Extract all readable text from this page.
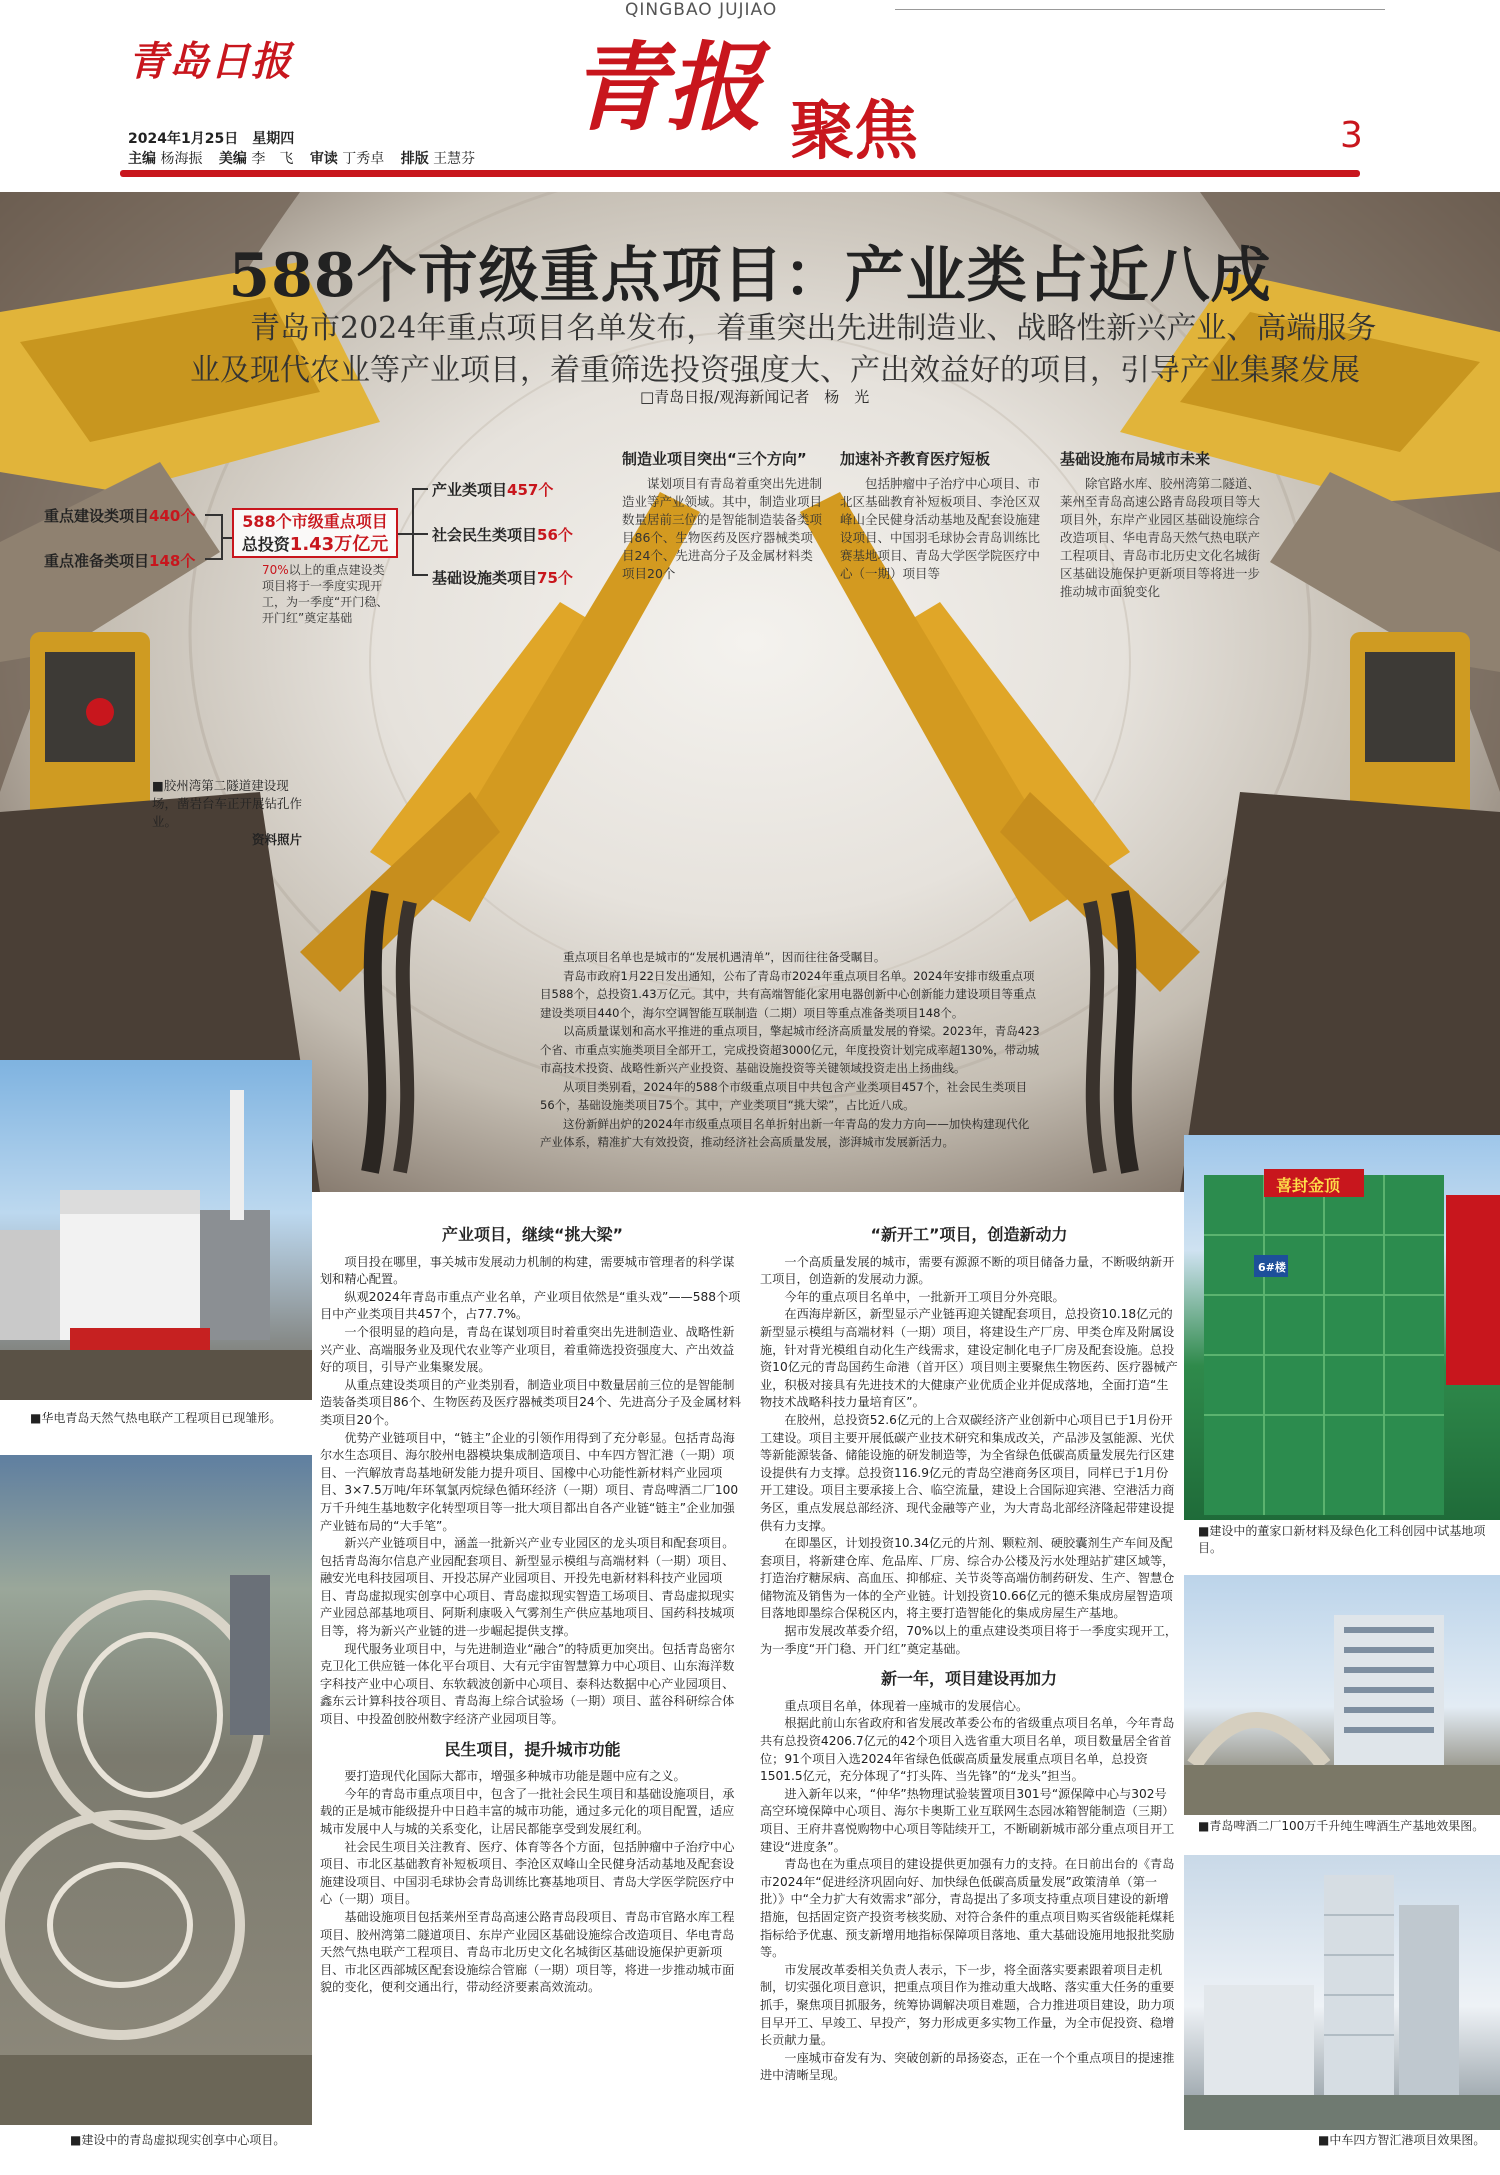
QINGBAO JUJIAO
青岛日报	青报 聚焦	3
2024年1月25日　星期四
主编 杨海振 美编 李　飞 审读 丁秀卓 排版 王慧芬
588个市级重点项目：产业类占近八成

青岛市2024年重点项目名单发布，着重突出先进制造业、战略性新兴产业、高端服务业及现代农业等产业项目，着重筛选投资强度大、产出效益好的项目，引导产业集聚发展

□青岛日报/观海新闻记者　杨　光
重点建设类项目440个
重点准备类项目148个
588个市级重点项目
总投资1.43万亿元
70%以上的重点建设类项目将于一季度实现开工，为一季度“开门稳、开门红”奠定基础
产业类项目457个
社会民生类项目56个
基础设施类项目75个
制造业项目突出“三个方向”

谋划项目有青岛着重突出先进制造业等产业领域。其中，制造业项目数量居前三位的是智能制造装备类项目86个、生物医药及医疗器械类项目24个、先进高分子及金属材料类项目20个

加速补齐教育医疗短板

包括肿瘤中子治疗中心项目、市北区基础教育补短板项目、李沧区双峰山全民健身活动基地及配套设施建设项目、中国羽毛球协会青岛训练比赛基地项目、青岛大学医学院医疗中心（一期）项目等

基础设施布局城市未来

除官路水库、胶州湾第二隧道、莱州至青岛高速公路青岛段项目等大项目外，东岸产业园区基础设施综合改造项目、华电青岛天然气热电联产工程项目、青岛市北历史文化名城街区基础设施保护更新项目等将进一步推动城市面貌变化

■胶州湾第二隧道建设现场，凿岩台车正开展钻孔作业。
资料照片

重点项目名单也是城市的“发展机遇清单”，因而往往备受瞩目。

青岛市政府1月22日发出通知，公布了青岛市2024年重点项目名单。2024年安排市级重点项目588个，总投资1.43万亿元。其中，共有高端智能化家用电器创新中心创新能力建设项目等重点建设类项目440个，海尔空调智能互联制造（二期）项目等重点准备类项目148个。

以高质量谋划和高水平推进的重点项目，擎起城市经济高质量发展的脊梁。2023年，青岛423个省、市重点实施类项目全部开工，完成投资超3000亿元，年度投资计划完成率超130%，带动城市高技术投资、战略性新兴产业投资、基础设施投资等关键领域投资走出上扬曲线。

从项目类别看，2024年的588个市级重点项目中共包含产业类项目457个，社会民生类项目56个，基础设施类项目75个。其中，产业类项目“挑大梁”，占比近八成。

这份新鲜出炉的2024年市级重点项目名单折射出新一年青岛的发力方向——加快构建现代化产业体系，精准扩大有效投资，推动经济社会高质量发展，澎湃城市发展新活力。

■华电青岛天然气热电联产工程项目已现雏形。
■建设中的青岛虚拟现实创享中心项目。
喜封金顶
6#楼
■建设中的董家口新材料及绿色化工科创园中试基地项目。
■青岛啤酒二厂100万千升纯生啤酒生产基地效果图。
■中车四方智汇港项目效果图。
产业项目，继续“挑大梁”

项目投在哪里，事关城市发展动力机制的构建，需要城市管理者的科学谋划和精心配置。

纵观2024年青岛市重点产业名单，产业项目依然是“重头戏”——588个项目中产业类项目共457个，占77.7%。

一个很明显的趋向是，青岛在谋划项目时着重突出先进制造业、战略性新兴产业、高端服务业及现代农业等产业项目，着重筛选投资强度大、产出效益好的项目，引导产业集聚发展。

从重点建设类项目的产业类别看，制造业项目中数量居前三位的是智能制造装备类项目86个、生物医药及医疗器械类项目24个、先进高分子及金属材料类项目20个。

优势产业链项目中，“链主”企业的引领作用得到了充分彰显。包括青岛海尔水生态项目、海尔胶州电器模块集成制造项目、中车四方智汇港（一期）项目、一汽解放青岛基地研发能力提升项目、国橡中心功能性新材料产业园项目、3×7.5万吨/年环氧氯丙烷绿色循环经济（一期）项目、青岛啤酒二厂100万千升纯生基地数字化转型项目等一批大项目都出自各产业链“链主”企业加强产业链布局的“大手笔”。

新兴产业链项目中，涵盖一批新兴产业专业园区的龙头项目和配套项目。包括青岛海尔信息产业园配套项目、新型显示模组与高端材料（一期）项目、融安光电科技园项目、开投芯屏产业园项目、开投先电新材料科技产业园项目、青岛虚拟现实创享中心项目、青岛虚拟现实智造工场项目、青岛虚拟现实产业园总部基地项目、阿斯利康吸入气雾剂生产供应基地项目、国药科技城项目等，将为新兴产业链的进一步崛起提供支撑。

现代服务业项目中，与先进制造业“融合”的特质更加突出。包括青岛密尔克卫化工供应链一体化平台项目、大有元宇宙智慧算力中心项目、山东海洋数字科技产业中心项目、东软载波创新中心项目、泰科达数据中心产业园项目、鑫东云计算科技谷项目、青岛海上综合试验场（一期）项目、蓝谷科研综合体项目、中投盈创胶州数字经济产业园项目等。

民生项目，提升城市功能

要打造现代化国际大都市，增强多种城市功能是题中应有之义。

今年的青岛市重点项目中，包含了一批社会民生项目和基础设施项目，承载的正是城市能级提升中日趋丰富的城市功能，通过多元化的项目配置，适应城市发展中人与城的关系变化，让居民都能享受到发展红利。

社会民生项目关注教育、医疗、体育等各个方面，包括肿瘤中子治疗中心项目、市北区基础教育补短板项目、李沧区双峰山全民健身活动基地及配套设施建设项目、中国羽毛球协会青岛训练比赛基地项目、青岛大学医学院医疗中心（一期）项目。

基础设施项目包括莱州至青岛高速公路青岛段项目、青岛市官路水库工程项目、胶州湾第二隧道项目、东岸产业园区基础设施综合改造项目、华电青岛天然气热电联产工程项目、青岛市北历史文化名城街区基础设施保护更新项目、市北区西部城区配套设施综合管廊（一期）项目等，将进一步推动城市面貌的变化，便利交通出行，带动经济要素高效流动。

“新开工”项目，创造新动力

一个高质量发展的城市，需要有源源不断的项目储备力量，不断吸纳新开工项目，创造新的发展动力源。

今年的重点项目名单中，一批新开工项目分外亮眼。

在西海岸新区，新型显示产业链再迎关键配套项目，总投资10.18亿元的新型显示模组与高端材料（一期）项目，将建设生产厂房、甲类仓库及附属设施，针对背光模组自动化生产线需求，建设定制化电子厂房及配套设施。总投资10亿元的青岛国药生命港（首开区）项目则主要聚焦生物医药、医疗器械产业，积极对接具有先进技术的大健康产业优质企业并促成落地，全面打造“生物技术战略科技力量培育区”。

在胶州，总投资52.6亿元的上合双碳经济产业创新中心项目已于1月份开工建设。项目主要开展低碳产业技术研究和集成改关，产品涉及氢能源、光伏等新能源装备、储能设施的研发制造等，为全省绿色低碳高质量发展先行区建设提供有力支撑。总投资116.9亿元的青岛空港商务区项目，同样已于1月份开工建设。项目主要承接上合、临空流量，建设上合国际迎宾港、空港活力商务区，重点发展总部经济、现代金融等产业，为大青岛北部经济隆起带建设提供有力支撑。

在即墨区，计划投资10.34亿元的片剂、颗粒剂、硬胶囊剂生产车间及配套项目，将新建仓库、危品库、厂房、综合办公楼及污水处理站扩建区域等，打造治疗糖尿病、高血压、抑郁症、关节炎等高端仿制药研发、生产、智慧仓储物流及销售为一体的全产业链。计划投资10.66亿元的德禾集成房屋智造项目落地即墨综合保税区内，将主要打造智能化的集成房屋生产基地。

据市发展改革委介绍，70%以上的重点建设类项目将于一季度实现开工，为一季度“开门稳、开门红”奠定基础。

新一年，项目建设再加力

重点项目名单，体现着一座城市的发展信心。

根据此前山东省政府和省发展改革委公布的省级重点项目名单，今年青岛共有总投资4206.7亿元的42个项目入选省重大项目名单，项目数量居全省首位；91个项目入选2024年省绿色低碳高质量发展重点项目名单，总投资1501.5亿元，充分体现了“打头阵、当先锋”的“龙头”担当。

进入新年以来，“仲华”热物理试验装置项目301号“源保障中心与302号高空环境保障中心项目、海尔卡奥斯工业互联网生态园冰箱智能制造（三期）项目、王府井喜悦购物中心项目等陆续开工，不断刷新城市部分重点项目开工建设“进度条”。

青岛也在为重点项目的建设提供更加强有力的支持。在日前出台的《青岛市2024年“促进经济巩固向好、加快绿色低碳高质量发展”政策清单（第一批）》中“全力扩大有效需求”部分，青岛提出了多项支持重点项目建设的新增措施，包括固定资产投资考核奖励、对符合条件的重点项目购买省级能耗煤耗指标给予优惠、预支新增用地指标保障项目落地、重大基础设施用地报批奖励等。

市发展改革委相关负责人表示，下一步，将全面落实要素跟着项目走机制，切实强化项目意识，把重点项目作为推动重大战略、落实重大任务的重要抓手，聚焦项目抓服务，统筹协调解决项目难题，合力推进项目建设，助力项目早开工、早竣工、早投产，努力形成更多实物工作量，为全市促投资、稳增长贡献力量。

一座城市奋发有为、突破创新的昂扬姿态，正在一个个重点项目的提速推进中清晰呈现。
